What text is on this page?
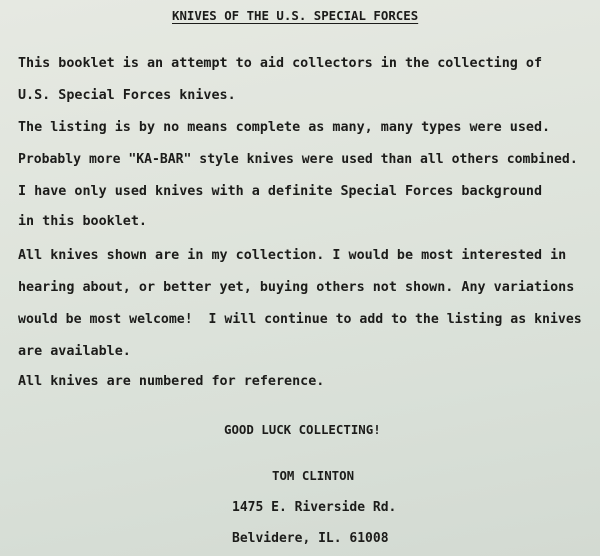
KNIVES OF THE U.S. SPECIAL FORCES
This booklet is an attempt to aid collectors in the collecting of
U.S. Special Forces knives.
The listing is by no means complete as many, many types were used.
Probably more "KA-BAR" style knives were used than all others combined.
I have only used knives with a definite Special Forces background
in this booklet.
All knives shown are in my collection. I would be most interested in
hearing about, or better yet, buying others not shown. Any variations
would be most welcome!  I will continue to add to the listing as knives
are available.
All knives are numbered for reference.
GOOD LUCK COLLECTING!
TOM CLINTON
1475 E. Riverside Rd.
Belvidere, IL. 61008
